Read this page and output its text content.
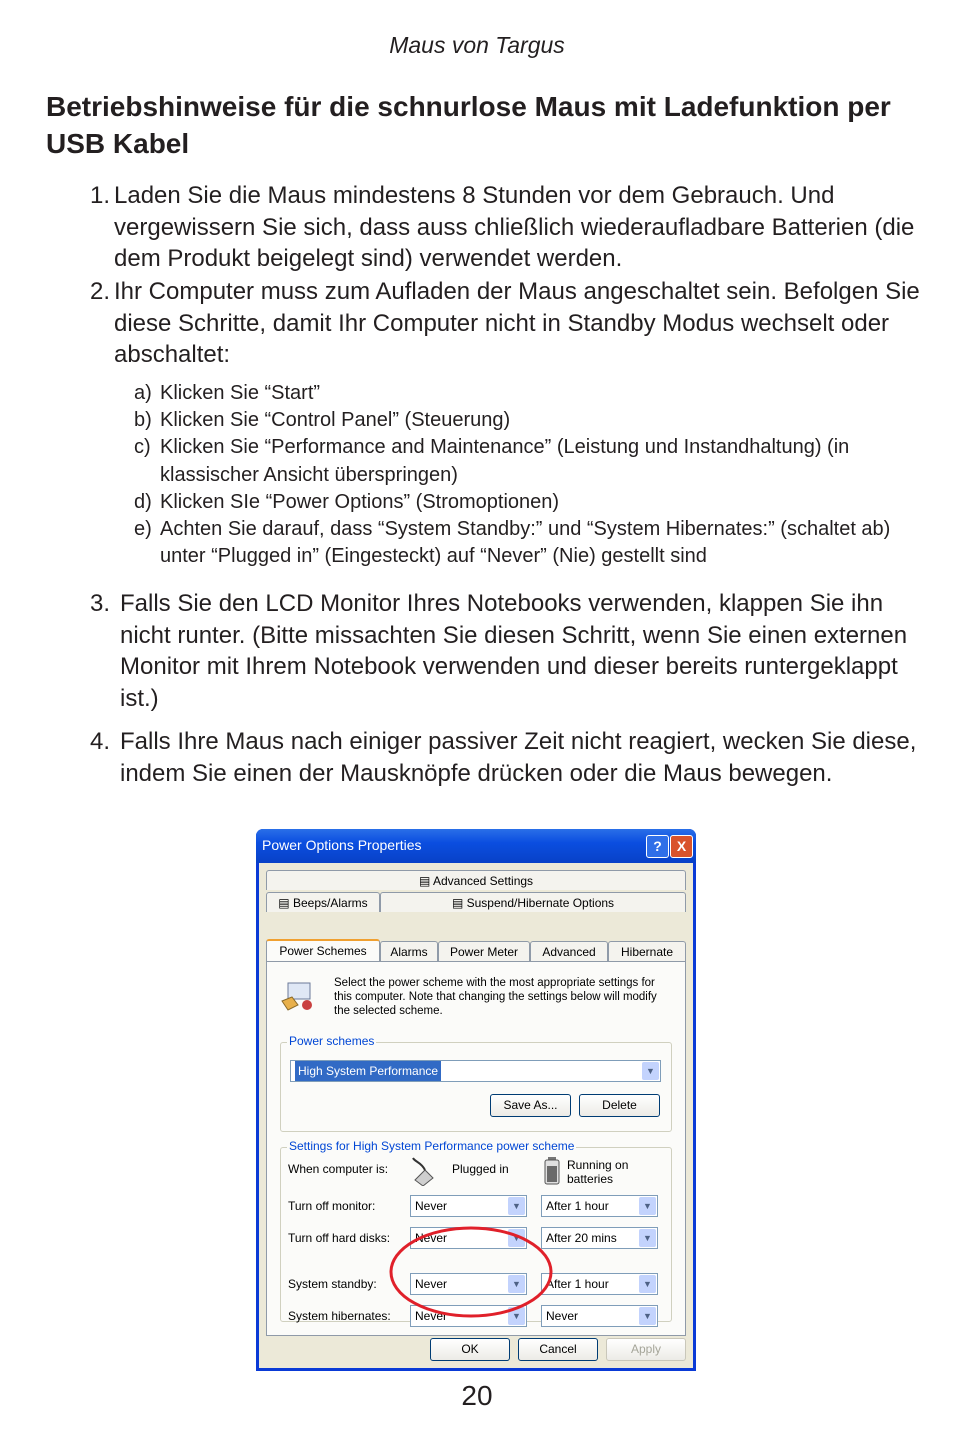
Maus von Targus
Betriebshinweise für die schnurlose Maus mit Ladefunktion per USB Kabel
1. Laden Sie die Maus mindestens 8 Stunden vor dem Gebrauch. Und vergewissern Sie sich, dass auss chließlich wiederaufladbare Batterien (die dem Produkt beigelegt sind) verwendet werden.
2. Ihr Computer muss zum Aufladen der Maus angeschaltet sein. Befolgen Sie diese Schritte, damit Ihr Computer nicht in Standby Modus wechselt oder abschaltet:
a) Klicken Sie “Start”
b) Klicken Sie “Control Panel” (Steuerung)
c) Klicken Sie “Performance and Maintenance” (Leistung und Instandhaltung) (in klassischer Ansicht überspringen)
d) Klicken SIe “Power Options” (Stromoptionen)
e) Achten Sie darauf, dass “System Standby:” und “System Hibernates:” (schaltet ab) unter “Plugged in” (Eingesteckt) auf “Never” (Nie) gestellt sind
3. Falls Sie den LCD Monitor Ihres Notebooks verwenden, klappen Sie ihn nicht runter. (Bitte missachten Sie diesen Schritt, wenn Sie einen externen Monitor mit Ihrem Notebook verwenden und dieser bereits runtergeklappt ist.)
4. Falls Ihre Maus nach einiger passiver Zeit nicht reagiert, wecken Sie diese, indem Sie einen der Mausknöpfe drücken oder die Maus bewegen.
Power Options Properties	?	X
▤ Advanced Settings
▤ Beeps/Alarms	▤ Suspend/Hibernate Options
Power Schemes	Alarms	Power Meter	Advanced	Hibernate
Select the power scheme with the most appropriate settings for this computer. Note that changing the settings below will modify the selected scheme.
Power schemes
High System Performance	▼
Save As...	Delete
Settings for High System Performance power scheme
When computer is:	Plugged in	Running on batteries
Turn off monitor:	Never	▼	After 1 hour	▼
Turn off hard disks:	Never	▼	After 20 mins	▼
System standby:	Never	▼	After 1 hour	▼
System hibernates:	Never	▼	Never	▼
OK	Cancel	Apply
20
